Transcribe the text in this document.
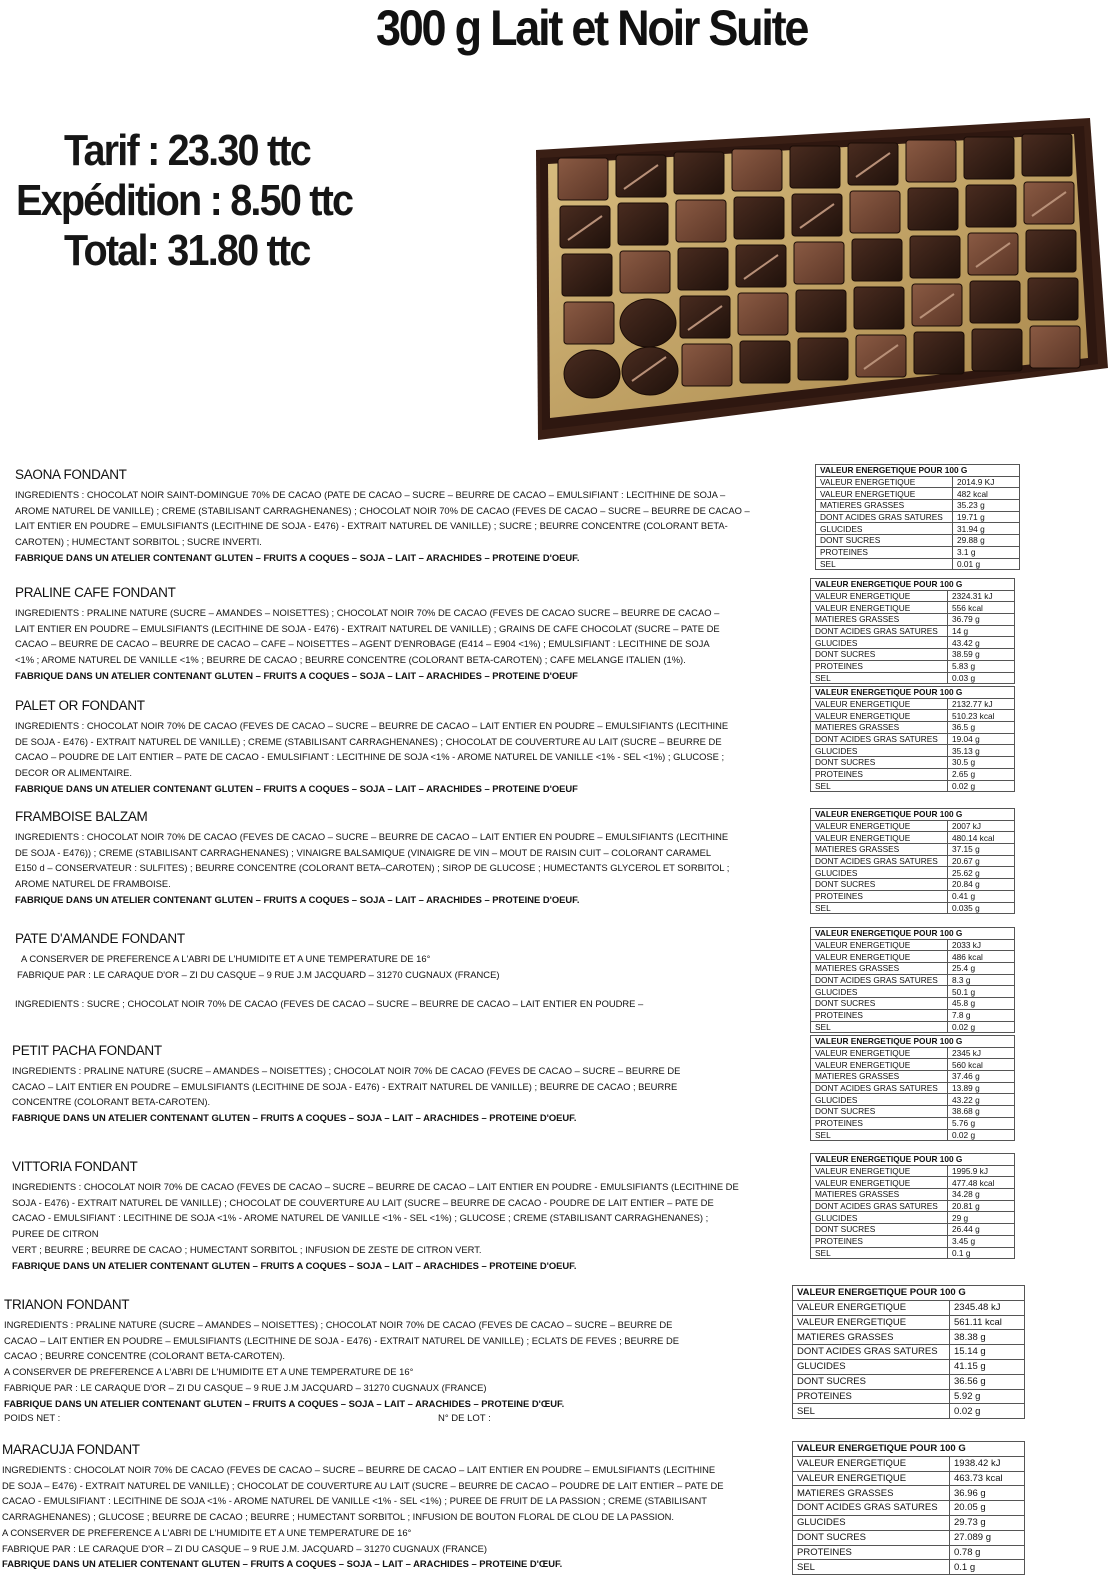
300 g Lait et Noir Suite
Tarif : 23.30 ttc
Expédition : 8.50 ttc
Total: 31.80 ttc
SAONA FONDANT

INGREDIENTS : CHOCOLAT NOIR SAINT-DOMINGUE 70% DE CACAO (PATE DE CACAO – SUCRE – BEURRE DE CACAO – EMULSIFIANT : LECITHINE DE SOJA –

AROME NATUREL DE VANILLE) ; CREME (STABILISANT CARRAGHENANES) ; CHOCOLAT NOIR 70% DE CACAO (FEVES DE CACAO – SUCRE – BEURRE DE CACAO –

LAIT ENTIER EN POUDRE – EMULSIFIANTS (LECITHINE DE SOJA - E476) - EXTRAIT NATUREL DE VANILLE) ; SUCRE ; BEURRE CONCENTRE (COLORANT BETA-

CAROTEN) ; HUMECTANT SORBITOL ; SUCRE INVERTI.

FABRIQUE DANS UN ATELIER CONTENANT GLUTEN – FRUITS A COQUES – SOJA – LAIT – ARACHIDES – PROTEINE D'OEUF.

PRALINE CAFE FONDANT

INGREDIENTS : PRALINE NATURE (SUCRE – AMANDES – NOISETTES) ; CHOCOLAT NOIR 70% DE CACAO (FEVES DE CACAO SUCRE – BEURRE DE CACAO –

LAIT ENTIER EN POUDRE – EMULSIFIANTS (LECITHINE DE SOJA - E476) - EXTRAIT NATUREL DE VANILLE) ; GRAINS DE CAFE CHOCOLAT (SUCRE – PATE DE

CACAO – BEURRE DE CACAO – BEURRE DE CACAO – CAFE – NOISETTES – AGENT D'ENROBAGE (E414 – E904 <1%) ; EMULSIFIANT : LECITHINE DE SOJA

<1% ; AROME NATUREL DE VANILLE <1% ; BEURRE DE CACAO ; BEURRE CONCENTRE (COLORANT BETA-CAROTEN) ; CAFE MELANGE ITALIEN (1%).

FABRIQUE DANS UN ATELIER CONTENANT GLUTEN – FRUITS A COQUES – SOJA – LAIT – ARACHIDES – PROTEINE D'OEUF

PALET OR FONDANT

INGREDIENTS : CHOCOLAT NOIR 70% DE CACAO (FEVES DE CACAO – SUCRE – BEURRE DE CACAO – LAIT ENTIER EN POUDRE – EMULSIFIANTS (LECITHINE

DE SOJA - E476) - EXTRAIT NATUREL DE VANILLE) ; CREME (STABILISANT CARRAGHENANES) ; CHOCOLAT DE COUVERTURE AU LAIT (SUCRE – BEURRE DE

CACAO – POUDRE DE LAIT ENTIER – PATE DE CACAO - EMULSIFIANT : LECITHINE DE SOJA <1% - AROME NATUREL DE VANILLE <1% - SEL <1%) ; GLUCOSE ;

DECOR OR ALIMENTAIRE.

FABRIQUE DANS UN ATELIER CONTENANT GLUTEN – FRUITS A COQUES – SOJA – LAIT – ARACHIDES – PROTEINE D'OEUF

FRAMBOISE BALZAM

INGREDIENTS : CHOCOLAT NOIR 70% DE CACAO (FEVES DE CACAO – SUCRE – BEURRE DE CACAO – LAIT ENTIER EN POUDRE – EMULSIFIANTS (LECITHINE

DE SOJA - E476)) ; CREME (STABILISANT CARRAGHENANES) ; VINAIGRE BALSAMIQUE (VINAIGRE DE VIN – MOUT DE RAISIN CUIT – COLORANT CARAMEL

E150 d – CONSERVATEUR : SULFITES) ; BEURRE CONCENTRE (COLORANT BETA–CAROTEN) ; SIROP DE GLUCOSE ; HUMECTANTS GLYCEROL ET SORBITOL ;

AROME NATUREL DE FRAMBOISE.

FABRIQUE DANS UN ATELIER CONTENANT GLUTEN – FRUITS A COQUES – SOJA – LAIT – ARACHIDES – PROTEINE D'OEUF.

PATE D'AMANDE FONDANT

A CONSERVER DE PREFERENCE A L'ABRI DE L'HUMIDITE ET A UNE TEMPERATURE DE 16°

FABRIQUE PAR : LE CARAQUE D'OR – ZI DU CASQUE – 9 RUE J.M JACQUARD – 31270 CUGNAUX (FRANCE)

INGREDIENTS : SUCRE ; CHOCOLAT NOIR 70% DE CACAO (FEVES DE CACAO – SUCRE – BEURRE DE CACAO – LAIT ENTIER EN POUDRE –

PETIT PACHA FONDANT

INGREDIENTS : PRALINE NATURE (SUCRE – AMANDES – NOISETTES) ; CHOCOLAT NOIR 70% DE CACAO (FEVES DE CACAO – SUCRE – BEURRE DE

CACAO – LAIT ENTIER EN POUDRE – EMULSIFIANTS (LECITHINE DE SOJA - E476) - EXTRAIT NATUREL DE VANILLE) ; BEURRE DE CACAO ; BEURRE

CONCENTRE (COLORANT BETA-CAROTEN).

FABRIQUE DANS UN ATELIER CONTENANT GLUTEN – FRUITS A COQUES – SOJA – LAIT – ARACHIDES – PROTEINE D'OEUF.

VITTORIA FONDANT

INGREDIENTS : CHOCOLAT NOIR 70% DE CACAO (FEVES DE CACAO – SUCRE – BEURRE DE CACAO – LAIT ENTIER EN POUDRE - EMULSIFIANTS (LECITHINE DE

SOJA - E476) - EXTRAIT NATUREL DE VANILLE) ; CHOCOLAT DE COUVERTURE AU LAIT (SUCRE – BEURRE DE CACAO - POUDRE DE LAIT ENTIER – PATE DE

CACAO - EMULSIFIANT : LECITHINE DE SOJA <1% - AROME NATUREL DE VANILLE <1% - SEL <1%) ; GLUCOSE ; CREME (STABILISANT CARRAGHENANES) ;

PUREE DE CITRON

VERT ; BEURRE ; BEURRE DE CACAO ; HUMECTANT SORBITOL ; INFUSION DE ZESTE DE CITRON VERT.

FABRIQUE DANS UN ATELIER CONTENANT GLUTEN – FRUITS A COQUES – SOJA – LAIT – ARACHIDES – PROTEINE D'OEUF.

TRIANON FONDANT

INGREDIENTS : PRALINE NATURE (SUCRE – AMANDES – NOISETTES) ; CHOCOLAT NOIR 70% DE CACAO (FEVES DE CACAO – SUCRE – BEURRE DE

CACAO – LAIT ENTIER EN POUDRE – EMULSIFIANTS (LECITHINE DE SOJA - E476) - EXTRAIT NATUREL DE VANILLE) ; ECLATS DE FEVES ; BEURRE DE

CACAO ; BEURRE CONCENTRE (COLORANT BETA-CAROTEN).

A CONSERVER DE PREFERENCE A L'ABRI DE L'HUMIDITE ET A UNE TEMPERATURE DE 16°

FABRIQUE PAR : LE CARAQUE D'OR – ZI DU CASQUE – 9 RUE J.M JACQUARD – 31270 CUGNAUX (FRANCE)

FABRIQUE DANS UN ATELIER CONTENANT GLUTEN – FRUITS A COQUES – SOJA – LAIT – ARACHIDES – PROTEINE D'ŒUF.

MARACUJA FONDANT

INGREDIENTS : CHOCOLAT NOIR 70% DE CACAO (FEVES DE CACAO – SUCRE – BEURRE DE CACAO – LAIT ENTIER EN POUDRE – EMULSIFIANTS (LECITHINE

DE SOJA – E476) - EXTRAIT NATUREL DE VANILLE) ; CHOCOLAT DE COUVERTURE AU LAIT (SUCRE – BEURRE DE CACAO – POUDRE DE LAIT ENTIER – PATE DE

CACAO - EMULSIFIANT : LECITHINE DE SOJA <1% - AROME NATUREL DE VANILLE <1% - SEL <1%) ; PUREE DE FRUIT DE LA PASSION ; CREME (STABILISANT

CARRAGHENANES) ; GLUCOSE ; BEURRE DE CACAO ; BEURRE ; HUMECTANT SORBITOL ; INFUSION DE BOUTON FLORAL DE CLOU DE LA PASSION.

A CONSERVER DE PREFERENCE A L'ABRI DE L'HUMIDITE ET A UNE TEMPERATURE DE 16°

FABRIQUE PAR : LE CARAQUE D'OR – ZI DU CASQUE – 9 RUE J.M. JACQUARD – 31270 CUGNAUX (FRANCE)

FABRIQUE DANS UN ATELIER CONTENANT GLUTEN – FRUITS A COQUES – SOJA – LAIT – ARACHIDES – PROTEINE D'ŒUF.

POIDS NET :	N° DE LOT :
VALEUR ENERGETIQUE POUR 100 G	
VALEUR ENERGETIQUE	2014.9 KJ
VALEUR ENERGETIQUE	482 kcal
MATIERES GRASSES	35.23 g
DONT ACIDES GRAS SATURES	19.71 g
GLUCIDES	31.94 g
DONT SUCRES	29.88 g
PROTEINES	3.1 g
SEL	0.01 g
VALEUR ENERGETIQUE POUR 100 G	
VALEUR ENERGETIQUE	2324.31 kJ
VALEUR ENERGETIQUE	556 kcal
MATIERES GRASSES	36.79 g
DONT ACIDES GRAS SATURES	14 g
GLUCIDES	43.42 g
DONT SUCRES	38.59 g
PROTEINES	5.83 g
SEL	0.03 g
VALEUR ENERGETIQUE POUR 100 G	
VALEUR ENERGETIQUE	2132.77 kJ
VALEUR ENERGETIQUE	510.23 kcal
MATIERES GRASSES	36.5 g
DONT ACIDES GRAS SATURES	19.04 g
GLUCIDES	35.13 g
DONT SUCRES	30.5 g
PROTEINES	2.65 g
SEL	0.02 g
VALEUR ENERGETIQUE POUR 100 G	
VALEUR ENERGETIQUE	2007 kJ
VALEUR ENERGETIQUE	480.14 kcal
MATIERES GRASSES	37.15 g
DONT ACIDES GRAS SATURES	20.67 g
GLUCIDES	25.62 g
DONT SUCRES	20.84 g
PROTEINES	0.41 g
SEL	0.035 g
VALEUR ENERGETIQUE POUR 100 G	
VALEUR ENERGETIQUE	2033 kJ
VALEUR ENERGETIQUE	486 kcal
MATIERES GRASSES	25.4 g
DONT ACIDES GRAS SATURES	8.3 g
GLUCIDES	50.1 g
DONT SUCRES	45.8 g
PROTEINES	7.8 g
SEL	0.02 g
VALEUR ENERGETIQUE POUR 100 G	
VALEUR ENERGETIQUE	2345 kJ
VALEUR ENERGETIQUE	560 kcal
MATIERES GRASSES	37.46 g
DONT ACIDES GRAS SATURES	13.89 g
GLUCIDES	43.22 g
DONT SUCRES	38.68 g
PROTEINES	5.76 g
SEL	0.02 g
VALEUR ENERGETIQUE POUR 100 G	
VALEUR ENERGETIQUE	1995.9 kJ
VALEUR ENERGETIQUE	477.48 kcal
MATIERES GRASSES	34.28 g
DONT ACIDES GRAS SATURES	20.81 g
GLUCIDES	29 g
DONT SUCRES	26.44 g
PROTEINES	3.45 g
SEL	0.1 g
VALEUR ENERGETIQUE POUR 100 G	
VALEUR ENERGETIQUE	2345.48 kJ
VALEUR ENERGETIQUE	561.11 kcal
MATIERES GRASSES	38.38 g
DONT ACIDES GRAS SATURES	15.14 g
GLUCIDES	41.15 g
DONT SUCRES	36.56 g
PROTEINES	5.92 g
SEL	0.02 g
VALEUR ENERGETIQUE POUR 100 G	
VALEUR ENERGETIQUE	1938.42 kJ
VALEUR ENERGETIQUE	463.73 kcal
MATIERES GRASSES	36.96 g
DONT ACIDES GRAS SATURES	20.05 g
GLUCIDES	29.73 g
DONT SUCRES	27.089 g
PROTEINES	0.78 g
SEL	0.1 g
